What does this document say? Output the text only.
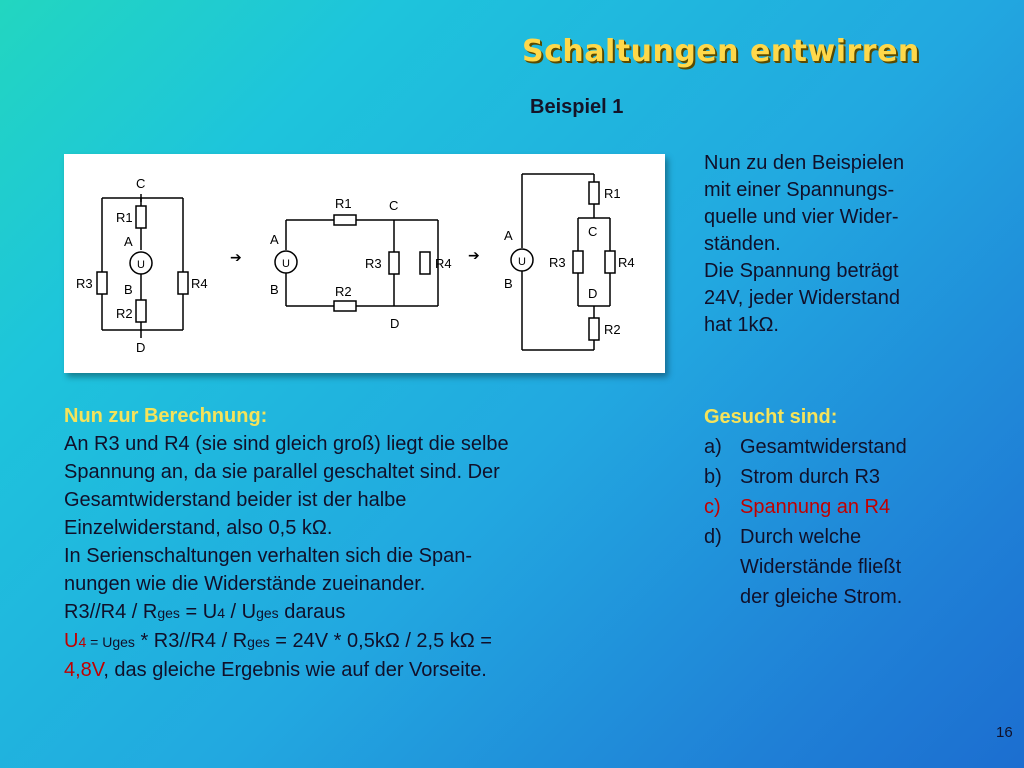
Schaltungen entwirren
Beispiel 1
C
R1
A
U
B
R2
D
R3	R4
➔
A
U
B
R1	C
R3	R4
R2
D
➔
A
U
B
R1
C
R3	R4
D
R2
Nun zu den Beispielen
mit einer Spannungs-
quelle und vier Wider-
ständen.
Die Spannung beträgt
24V, jeder Widerstand
hat 1kΩ.
Nun zur Berechnung:
An R3 und R4 (sie sind gleich groß) liegt die selbe
Spannung an, da sie parallel geschaltet sind. Der
Gesamtwiderstand beider ist der halbe
Einzelwiderstand, also 0,5 kΩ.
In Serienschaltungen verhalten sich die Span-
nungen wie die Widerstände zueinander.
R3//R4 / Rges = U4 / Uges daraus
U4 = Uges * R3//R4 / Rges = 24V * 0,5kΩ / 2,5 kΩ =
4,8V, das gleiche Ergebnis wie auf der Vorseite.
Gesucht sind:
a) Gesamtwiderstand
b) Strom durch R3
c) Spannung an R4
d) Durch welche
Widerstände fließt
der gleiche Strom.
16
